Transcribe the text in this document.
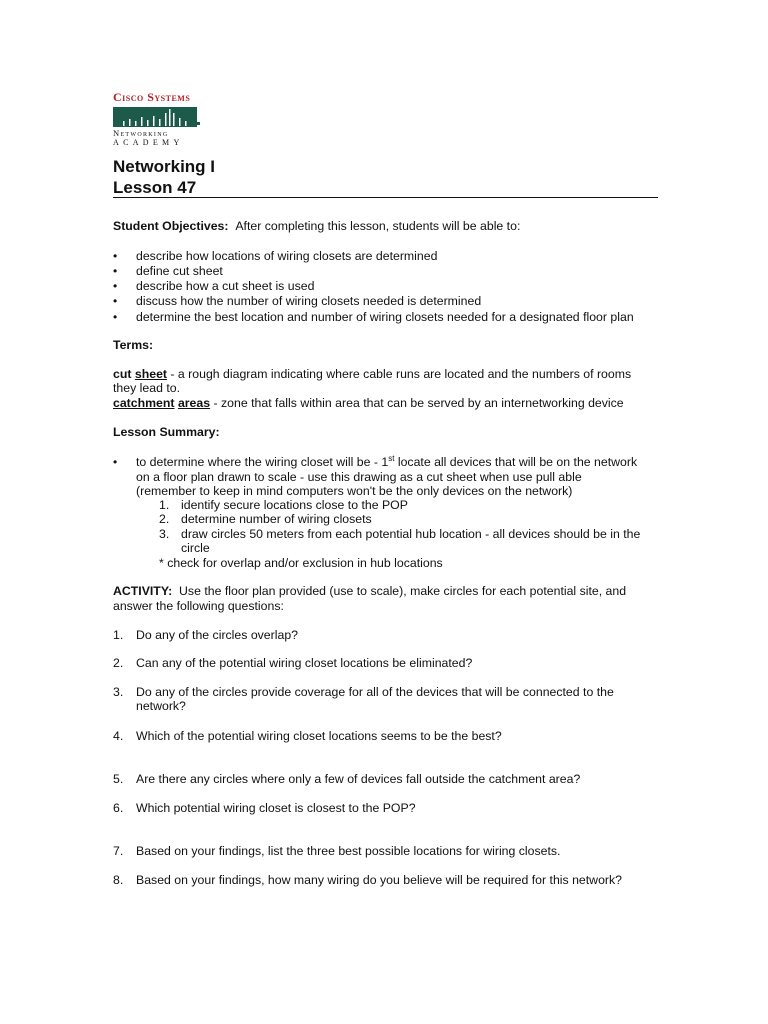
Cisco Systems
Networking
ACADEMY
Networking I
Lesson 47
Student Objectives: After completing this lesson, students will be able to:
• describe how locations of wiring closets are determined
• define cut sheet
• describe how a cut sheet is used
• discuss how the number of wiring closets needed is determined
• determine the best location and number of wiring closets needed for a designated floor plan
Terms:
cut sheet - a rough diagram indicating where cable runs are located and the numbers of rooms
they lead to.
catchment areas - zone that falls within area that can be served by an internetworking device
Lesson Summary:
• to determine where the wiring closet will be - 1st locate all devices that will be on the network
on a floor plan drawn to scale - use this drawing as a cut sheet when use pull able
(remember to keep in mind computers won't be the only devices on the network)
1. identify secure locations close to the POP
2. determine number of wiring closets
3. draw circles 50 meters from each potential hub location - all devices should be in the
circle
* check for overlap and/or exclusion in hub locations
ACTIVITY: Use the floor plan provided (use to scale), make circles for each potential site, and
answer the following questions:
1. Do any of the circles overlap?
2. Can any of the potential wiring closet locations be eliminated?
3. Do any of the circles provide coverage for all of the devices that will be connected to the
network?
4. Which of the potential wiring closet locations seems to be the best?
5. Are there any circles where only a few of devices fall outside the catchment area?
6. Which potential wiring closet is closest to the POP?
7. Based on your findings, list the three best possible locations for wiring closets.
8. Based on your findings, how many wiring do you believe will be required for this network?
